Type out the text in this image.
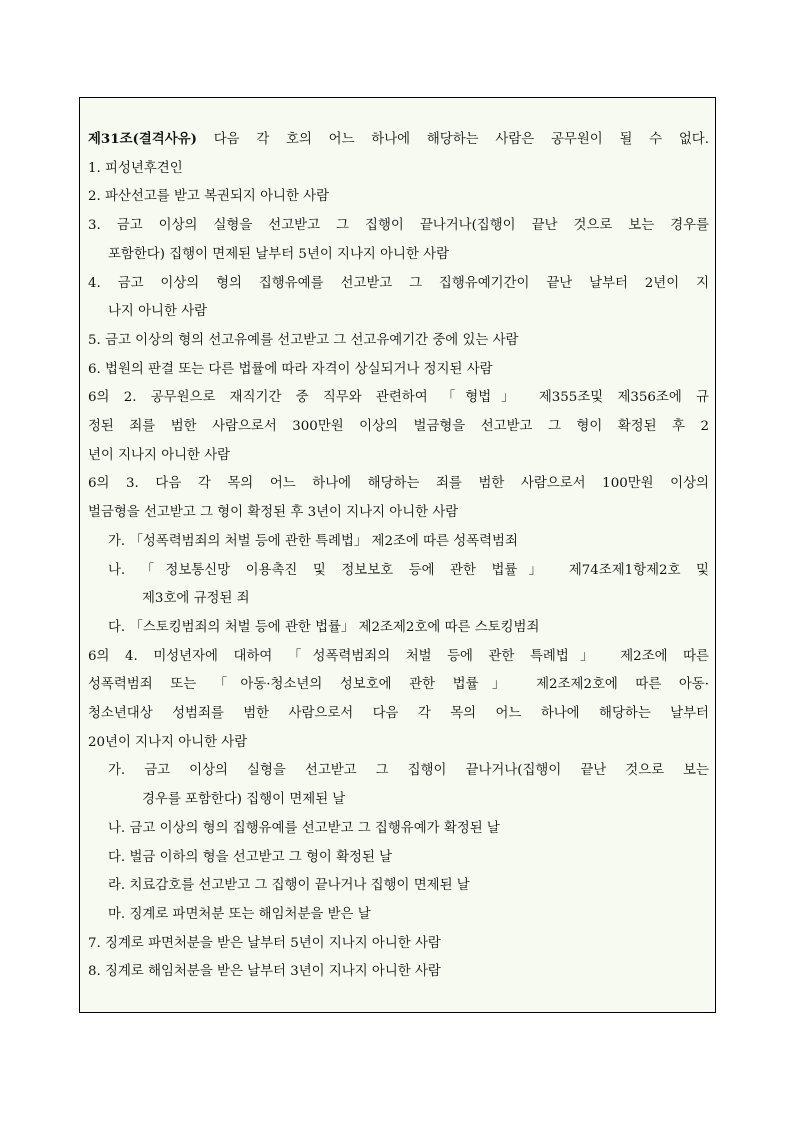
제31조(결격사유) 다음 각 호의 어느 하나에 해당하는 사람은 공무원이 될 수 없다.
1. 피성년후견인
2. 파산선고를 받고 복권되지 아니한 사람
3. 금고 이상의 실형을 선고받고 그 집행이 끝나거나(집행이 끝난 것으로 보는 경우를
포함한다) 집행이 면제된 날부터 5년이 지나지 아니한 사람
4. 금고 이상의 형의 집행유예를 선고받고 그 집행유예기간이 끝난 날부터 2년이 지
나지 아니한 사람
5. 금고 이상의 형의 선고유예를 선고받고 그 선고유예기간 중에 있는 사람
6. 법원의 판결 또는 다른 법률에 따라 자격이 상실되거나 정지된 사람
6의 2. 공무원으로 재직기간 중 직무와 관련하여 「형법」 제355조및 제356조에 규
정된 죄를 범한 사람으로서 300만원 이상의 벌금형을 선고받고 그 형이 확정된 후 2
년이 지나지 아니한 사람
6의 3. 다음 각 목의 어느 하나에 해당하는 죄를 범한 사람으로서 100만원 이상의
벌금형을 선고받고 그 형이 확정된 후 3년이 지나지 아니한 사람
가. 「성폭력범죄의 처벌 등에 관한 특례법」 제2조에 따른 성폭력범죄
나. 「정보통신망 이용촉진 및 정보보호 등에 관한 법률」 제74조제1항제2호 및
제3호에 규정된 죄
다. 「스토킹범죄의 처벌 등에 관한 법률」 제2조제2호에 따른 스토킹범죄
6의 4. 미성년자에 대하여 「성폭력범죄의 처벌 등에 관한 특례법」 제2조에 따른
성폭력범죄 또는 「아동·청소년의 성보호에 관한 법률」 제2조제2호에 따른 아동·
청소년대상 성범죄를 범한 사람으로서 다음 각 목의 어느 하나에 해당하는 날부터
20년이 지나지 아니한 사람
가. 금고 이상의 실형을 선고받고 그 집행이 끝나거나(집행이 끝난 것으로 보는
경우를 포함한다) 집행이 면제된 날
나. 금고 이상의 형의 집행유예를 선고받고 그 집행유예가 확정된 날
다. 벌금 이하의 형을 선고받고 그 형이 확정된 날
라. 치료감호를 선고받고 그 집행이 끝나거나 집행이 면제된 날
마. 징계로 파면처분 또는 해임처분을 받은 날
7. 징계로 파면처분을 받은 날부터 5년이 지나지 아니한 사람
8. 징계로 해임처분을 받은 날부터 3년이 지나지 아니한 사람
